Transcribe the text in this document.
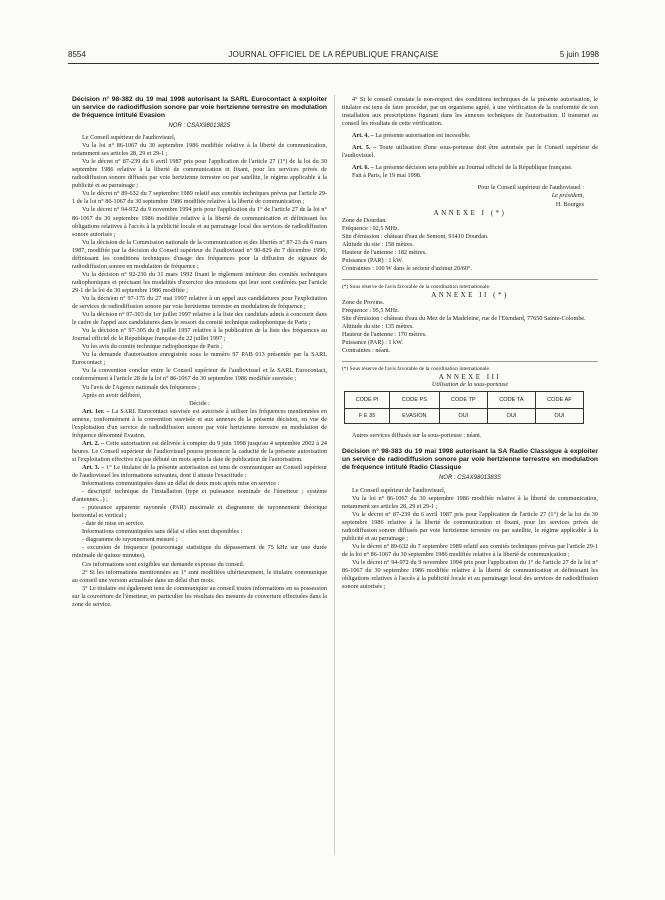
8554	JOURNAL OFFICIEL DE LA RÉPUBLIQUE FRANÇAISE	5 juin 1998
Décision n° 98-382 du 19 mai 1998 autorisant la SARL Eurocontact à exploiter un service de radiodiffusion sonore par voie hertzienne terrestre en modulation de fréquence intitulé Evasion
NOR : CSAX9801382S

Le Conseil supérieur de l'audiovisuel,

Vu la loi n° 86-1067 du 30 septembre 1986 modifiée relative à la liberté de communication, notamment ses articles 28, 29 et 29-1 ;

Vu le décret n° 87-239 du 6 avril 1987 pris pour l'application de l'article 27 (1°) de la loi du 30 septembre 1986 relative à la liberté de communication et fixant, pour les services privés de radiodiffusion sonore diffusés par voie hertzienne terrestre ou par satellite, le régime applicable à la publicité et au parrainage ;

Vu le décret n° 89-632 du 7 septembre 1989 relatif aux comités techniques prévus par l'article 29-1 de la loi n° 86-1067 du 30 septembre 1986 modifiée relative à la liberté de communication ;

Vu le décret n° 94-972 du 9 novembre 1994 pris pour l'application du 1° de l'article 27 de la loi n° 86-1067 du 30 septembre 1986 modifiée relative à la liberté de communication et définissant les obligations relatives à l'accès à la publicité locale et au parrainage local des services de radiodiffusion sonore autorisés ;

Vu la décision de la Commission nationale de la communication et des libertés n° 87-23 du 6 mars 1987, modifiée par la décision du Conseil supérieur de l'audiovisuel n° 90-829 du 7 décembre 1990, définissant les conditions techniques d'usage des fréquences pour la diffusion de signaux de radiodiffusion sonore en modulation de fréquence ;

Vu la décision n° 92-230 du 31 mars 1992 fixant le règlement intérieur des comités techniques radiophoniques et précisant les modalités d'exercice des missions qui leur sont conférées par l'article 29-1 de la loi du 30 septembre 1986 modifiée ;

Vu la décision n° 97-175 du 27 mai 1997 relative à un appel aux candidatures pour l'exploitation de services de radiodiffusion sonore par voie hertzienne terrestre en modulation de fréquence ;

Vu la décision n° 97-303 du 1er juillet 1997 relative à la liste des candidats admis à concourir dans le cadre de l'appel aux candidatures dans le ressort du comité technique radiophonique de Paris ;

Vu la décision n° 97-305 du 8 juillet 1997 relative à la publication de la liste des fréquences au Journal officiel de la République française du 22 juillet 1997 ;

Vu les avis du comité technique radiophonique de Paris ;

Vu la demande d'autorisation enregistrée sous le numéro 97 PAB 013 présentée par la SARL Eurocontact ;

Vu la convention conclue entre le Conseil supérieur de l'audiovisuel et la SARL Eurocontact, conformément à l'article 28 de la loi n° 86-1067 du 30 septembre 1986 modifiée susvisée ;

Vu l'avis de l'Agence nationale des fréquences ;

Après en avoir délibéré,

Décide :

Art. 1er. – La SARL Eurocontact susvisée est autorisée à utiliser les fréquences mentionnées en annexe, conformément à la convention susvisée et aux annexes de la présente décision, en vue de l'exploitation d'un service de radiodiffusion sonore par voie hertzienne terrestre en modulation de fréquence dénommé Evasion.

Art. 2. – Cette autorisation est délivrée à compter du 9 juin 1998 jusqu'au 4 septembre 2002 à 24 heures. Le Conseil supérieur de l'audiovisuel pourra prononcer la caducité de la présente autorisation si l'exploitation effective n'a pas débuté un mois après la date de publication de l'autorisation.

Art. 3. – 1° Le titulaire de la présente autorisation est tenu de communiquer au Conseil supérieur de l'audiovisuel les informations suivantes, dont il atteste l'exactitude :

Informations communiquées dans un délai de deux mois après mise en service :

- descriptif technique de l'installation (type et puissance nominale de l'émetteur ; système d'antennes...) ;

- puissance apparente rayonnée (PAR) maximale et diagramme de rayonnement théorique horizontal et vertical ;

- date de mise en service.

Informations communiquées sans délai si elles sont disponibles :

- diagramme de rayonnement mesuré ;

- excursion de fréquence (pourcentage statistique du dépassement de 75 kHz sur une durée minimale de quinze minutes).

Ces informations sont exigibles sur demande expresse du conseil.

2° Si les informations mentionnées au 1° sont modifiées ultérieurement, le titulaire communique au conseil une version actualisée dans un délai d'un mois.

3° Le titulaire est également tenu de communiquer au conseil toutes informations en sa possession sur la couverture de l'émetteur, en particulier les résultats des mesures de couverture effectuées dans la zone de service.

4° Si le conseil constate le non-respect des conditions techniques de la présente autorisation, le titulaire est tenu de faire procéder, par un organisme agréé, à une vérification de la conformité de son installation aux prescriptions figurant dans les annexes techniques de l'autorisation. Il transmet au conseil les résultats de cette vérification.

Art. 4. – La présente autorisation est incessible.

Art. 5. – Toute utilisation d'une sous-porteuse doit être autorisée par le Conseil supérieur de l'audiovisuel.

Art. 6. – La présente décision sera publiée au Journal officiel de la République française.

Fait à Paris, le 19 mai 1998.

Pour le Conseil supérieur de l'audiovisuel :

Le président,

H. Bourges

ANNEXE I (*)

Zone de Dourdan.

Fréquence : 92,5 MHz.

Site d'émission : château d'eau de Semont, 91410 Dourdan.

Altitude du site : 158 mètres.

Hauteur de l'antenne : 182 mètres.

Puissance (PAR) : 1 kW.

Contraintes : 100 W dans le secteur d'azimut 20/60°.

(*) Sous réserve de l'avis favorable de la coordination internationale.

ANNEXE II (*)

Zone de Provins.

Fréquence : 95,5 MHz.

Site d'émission : château d'eau du Mez de la Madeleine, rue de l'Etendard, 77650 Sainte-Colombe.

Altitude du site : 135 mètres.

Hauteur de l'antenne : 170 mètres.

Puissance (PAR) : 1 kW.

Contraintes : néant.

(*) Sous réserve de l'avis favorable de la coordination internationale.

ANNEXE III

Utilisation de la sous-porteuse

CODE PI	CODE PS	CODE TP	CODE TA	CODE AF
F E 35	EVASION	OUI	OUI	OUI

Autres services diffusés sur la sous-porteuse : néant.

Décision n° 98-383 du 19 mai 1998 autorisant la SA Radio Classique à exploiter un service de radiodiffusion sonore par voie hertzienne terrestre en modulation de fréquence intitulé Radio Classique
NOR : CSAX9801383S

Le Conseil supérieur de l'audiovisuel,

Vu la loi n° 86-1067 du 30 septembre 1986 modifiée relative à la liberté de communication, notamment ses articles 28, 29 et 29-1 ;

Vu le décret n° 87-239 du 6 avril 1987 pris pour l'application de l'article 27 (1°) de la loi du 30 septembre 1986 relative à la liberté de communication et fixant, pour les services privés de radiodiffusion sonore diffusés par voie hertzienne terrestre ou par satellite, le régime applicable à la publicité et au parrainage ;

Vu le décret n° 89-632 du 7 septembre 1989 relatif aux comités techniques prévus par l'article 29-1 de la loi n° 86-1067 du 30 septembre 1986 modifiée relative à la liberté de communication ;

Vu le décret n° 94-972 du 9 novembre 1994 pris pour l'application du 1° de l'article 27 de la loi n° 86-1067 du 30 septembre 1986 modifiée relative à la liberté de communication et définissant les obligations relatives à l'accès à la publicité locale et au parrainage local des services de radiodiffusion sonore autorisés ;
